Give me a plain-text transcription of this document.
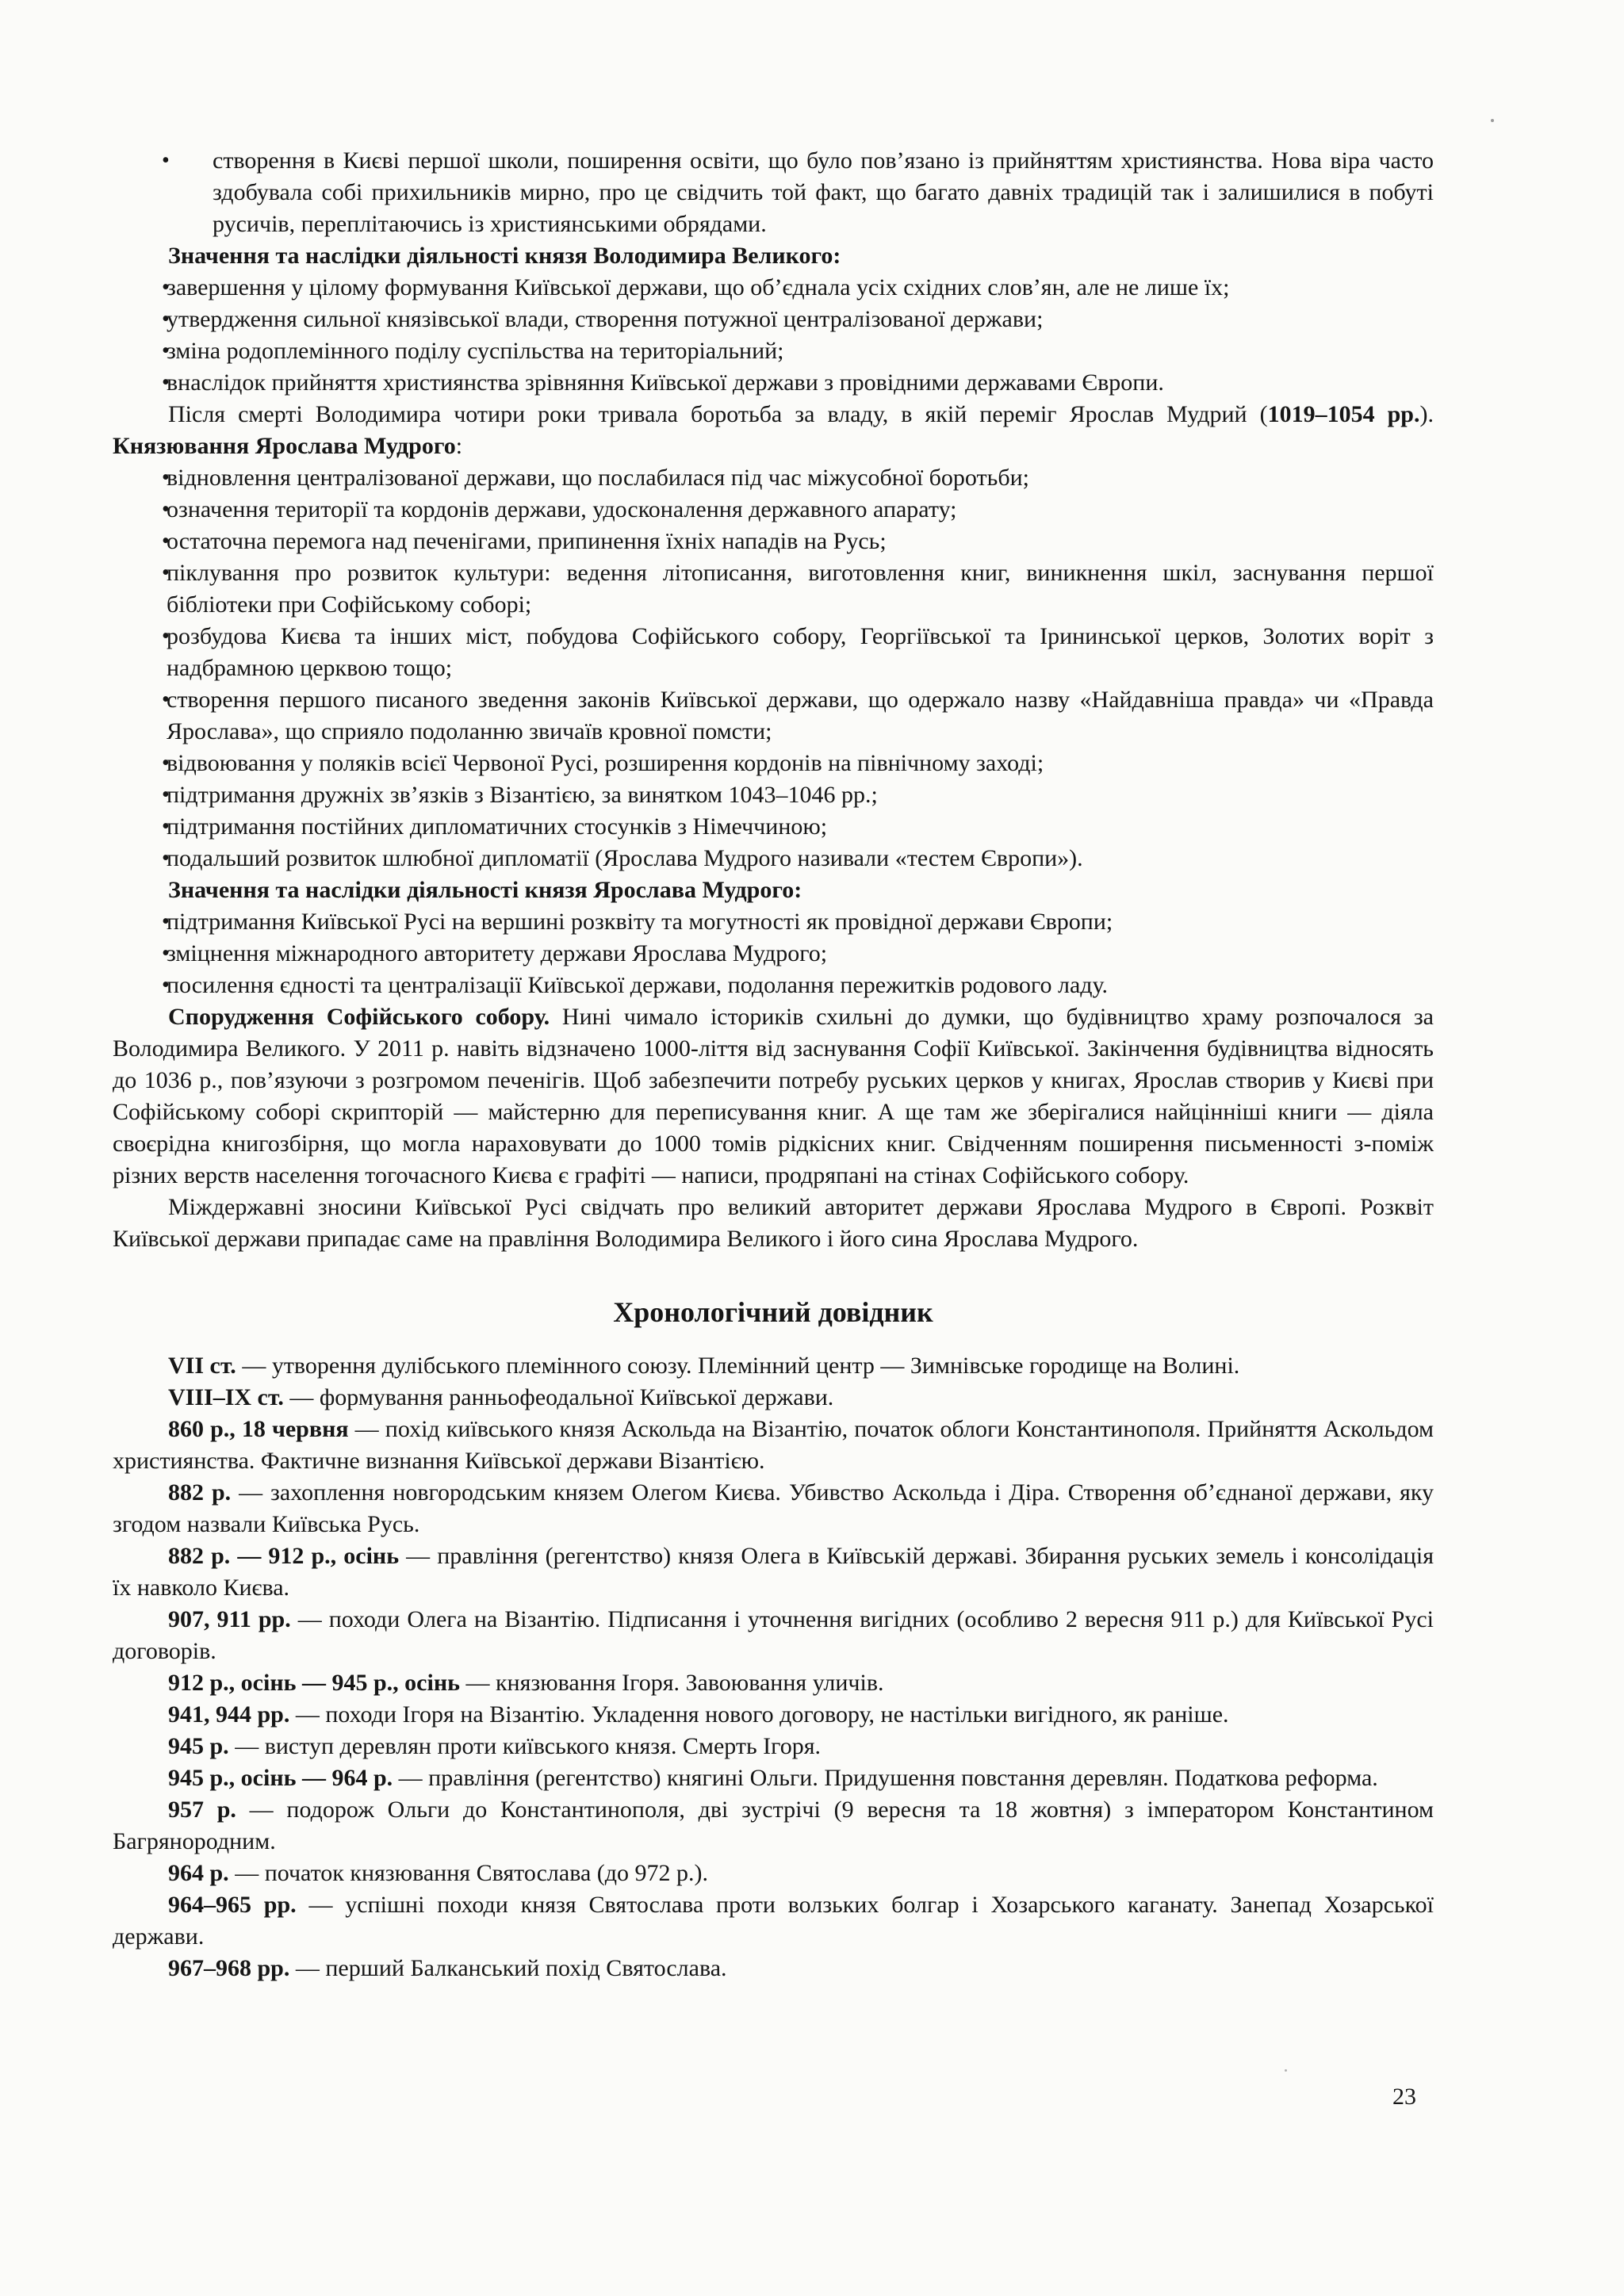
• створення в Києві першої школи, поширення освіти, що було пов’язано із прийняттям християнства. Нова віра часто здобувала собі прихильників мирно, про це свідчить той факт, що багато давніх традицій так і залишилися в побуті русичів, переплітаючись із християнськими обрядами.
Значення та наслідки діяльності князя Володимира Великого:
• завершення у цілому формування Київської держави, що об’єднала усіх східних слов’ян, але не лише їх;
• утвердження сильної князівської влади, створення потужної централізованої держави;
• зміна родоплемінного поділу суспільства на територіальний;
• внаслідок прийняття християнства зрівняння Київської держави з провідними державами Європи.
Після смерті Володимира чотири роки тривала боротьба за владу, в якій переміг Ярослав Мудрий (1019–1054 рр.). Князювання Ярослава Мудрого:
• відновлення централізованої держави, що послабилася під час міжусобної боротьби;
• означення території та кордонів держави, удосконалення державного апарату;
• остаточна перемога над печенігами, припинення їхніх нападів на Русь;
• піклування про розвиток культури: ведення літописання, виготовлення книг, виникнення шкіл, заснування першої бібліотеки при Софійському соборі;
• розбудова Києва та інших міст, побудова Софійського собору, Георгіївської та Ірининської церков, Золотих воріт з надбрамною церквою тощо;
• створення першого писаного зведення законів Київської держави, що одержало назву «Найдавніша правда» чи «Правда Ярослава», що сприяло подоланню звичаїв кровної помсти;
• відвоювання у поляків всієї Червоної Русі, розширення кордонів на північному заході;
• підтримання дружніх зв’язків з Візантією, за винятком 1043–1046 рр.;
• підтримання постійних дипломатичних стосунків з Німеччиною;
• подальший розвиток шлюбної дипломатії (Ярослава Мудрого називали «тестем Європи»).
Значення та наслідки діяльності князя Ярослава Мудрого:
• підтримання Київської Русі на вершині розквіту та могутності як провідної держави Європи;
• зміцнення міжнародного авторитету держави Ярослава Мудрого;
• посилення єдності та централізації Київської держави, подолання пережитків родового ладу.
Спорудження Софійського собору. Нині чимало істориків схильні до думки, що будівництво храму розпочалося за Володимира Великого. У 2011 р. навіть відзначено 1000-ліття від заснування Софії Київської. Закінчення будівництва відносять до 1036 р., пов’язуючи з розгромом печенігів. Щоб забезпечити потребу руських церков у книгах, Ярослав створив у Києві при Софійському соборі скрипторій — майстерню для переписування книг. А ще там же зберігалися найцінніші книги — діяла своєрідна книгозбірня, що могла нараховувати до 1000 томів рідкісних книг. Свідченням поширення письменності з-поміж різних верств населення тогочасного Києва є графіті — написи, продряпані на стінах Софійського собору.
Міждержавні зносини Київської Русі свідчать про великий авторитет держави Ярослава Мудрого в Європі. Розквіт Київської держави припадає саме на правління Володимира Великого і його сина Ярослава Мудрого.
Хронологічний довідник
VII ст. — утворення дулібського племінного союзу. Племінний центр — Зимнівське городище на Волині.
VIII–IX ст. — формування ранньофеодальної Київської держави.
860 р., 18 червня — похід київського князя Аскольда на Візантію, початок облоги Константинополя. Прийняття Аскольдом християнства. Фактичне визнання Київської держави Візантією.
882 р. — захоплення новгородським князем Олегом Києва. Убивство Аскольда і Діра. Створення об’єднаної держави, яку згодом назвали Київська Русь.
882 р. — 912 р., осінь — правління (регентство) князя Олега в Київській державі. Збирання руських земель і консолідація їх навколо Києва.
907, 911 рр. — походи Олега на Візантію. Підписання і уточнення вигідних (особливо 2 вересня 911 р.) для Київської Русі договорів.
912 р., осінь — 945 р., осінь — князювання Ігоря. Завоювання уличів.
941, 944 рр. — походи Ігоря на Візантію. Укладення нового договору, не настільки вигідного, як раніше.
945 р. — виступ деревлян проти київського князя. Смерть Ігоря.
945 р., осінь — 964 р. — правління (регентство) княгині Ольги. Придушення повстання деревлян. Податкова реформа.
957 р. — подорож Ольги до Константинополя, дві зустрічі (9 вересня та 18 жовтня) з імператором Константином Багрянородним.
964 р. — початок князювання Святослава (до 972 р.).
964–965 рр. — успішні походи князя Святослава проти волзьких болгар і Хозарського каганату. Занепад Хозарської держави.
967–968 рр. — перший Балканський похід Святослава.
23
